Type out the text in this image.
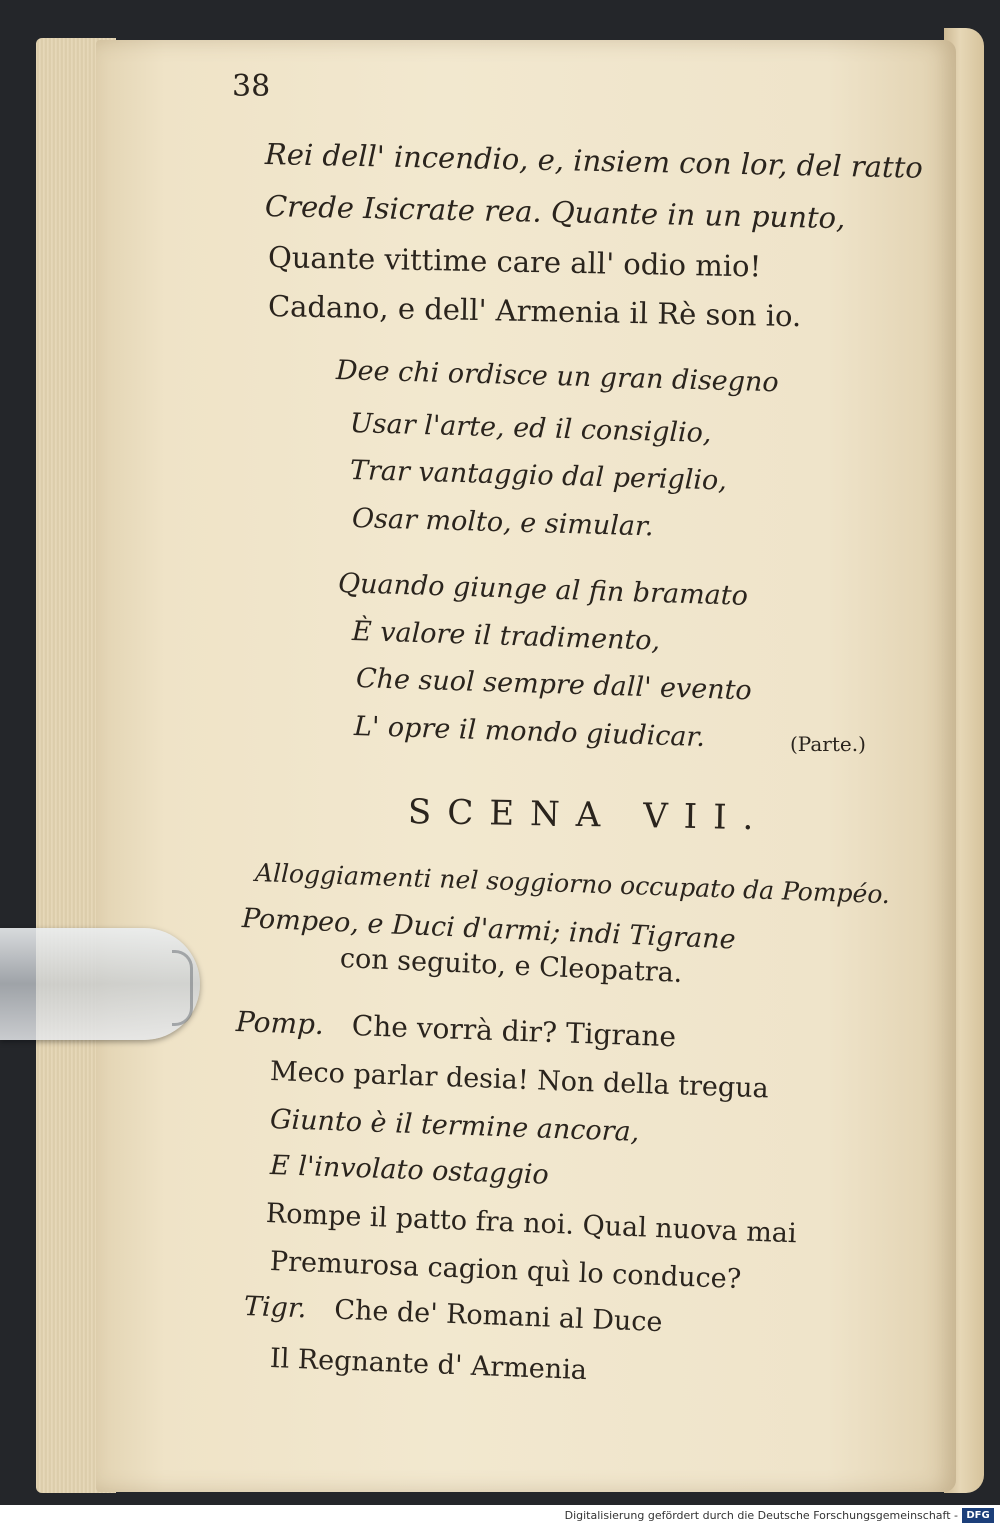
38
Rei dell' incendio, e, insiem con lor, del ratto
Crede Isicrate rea. Quante in un punto,
Quante vittime care all' odio mio!
Cadano, e dell' Armenia il Rè son io.
Dee chi ordisce un gran disegno
Usar l'arte, ed il consiglio,
Trar vantaggio dal periglio,
Osar molto, e simular.
Quando giunge al fin bramato
È valore il tradimento,
Che suol sempre dall' evento
L' opre il mondo giudicar.	(Parte.)
SCENA VII.
Alloggiamenti nel soggiorno occupato da Pompéo.
Pompeo, e Duci d'armi; indi Tigrane
con seguito, e Cleopatra.
Pomp. Che vorrà dir? Tigrane
Meco parlar desia! Non della tregua
Giunto è il termine ancora,
E l'involato ostaggio
Rompe il patto fra noi. Qual nuova mai
Premurosa cagion quì lo conduce?
Tigr. Che de' Romani al Duce
Il Regnante d' Armenia
Digitalisierung gefördert durch die Deutsche Forschungsgemeinschaft - DFG
